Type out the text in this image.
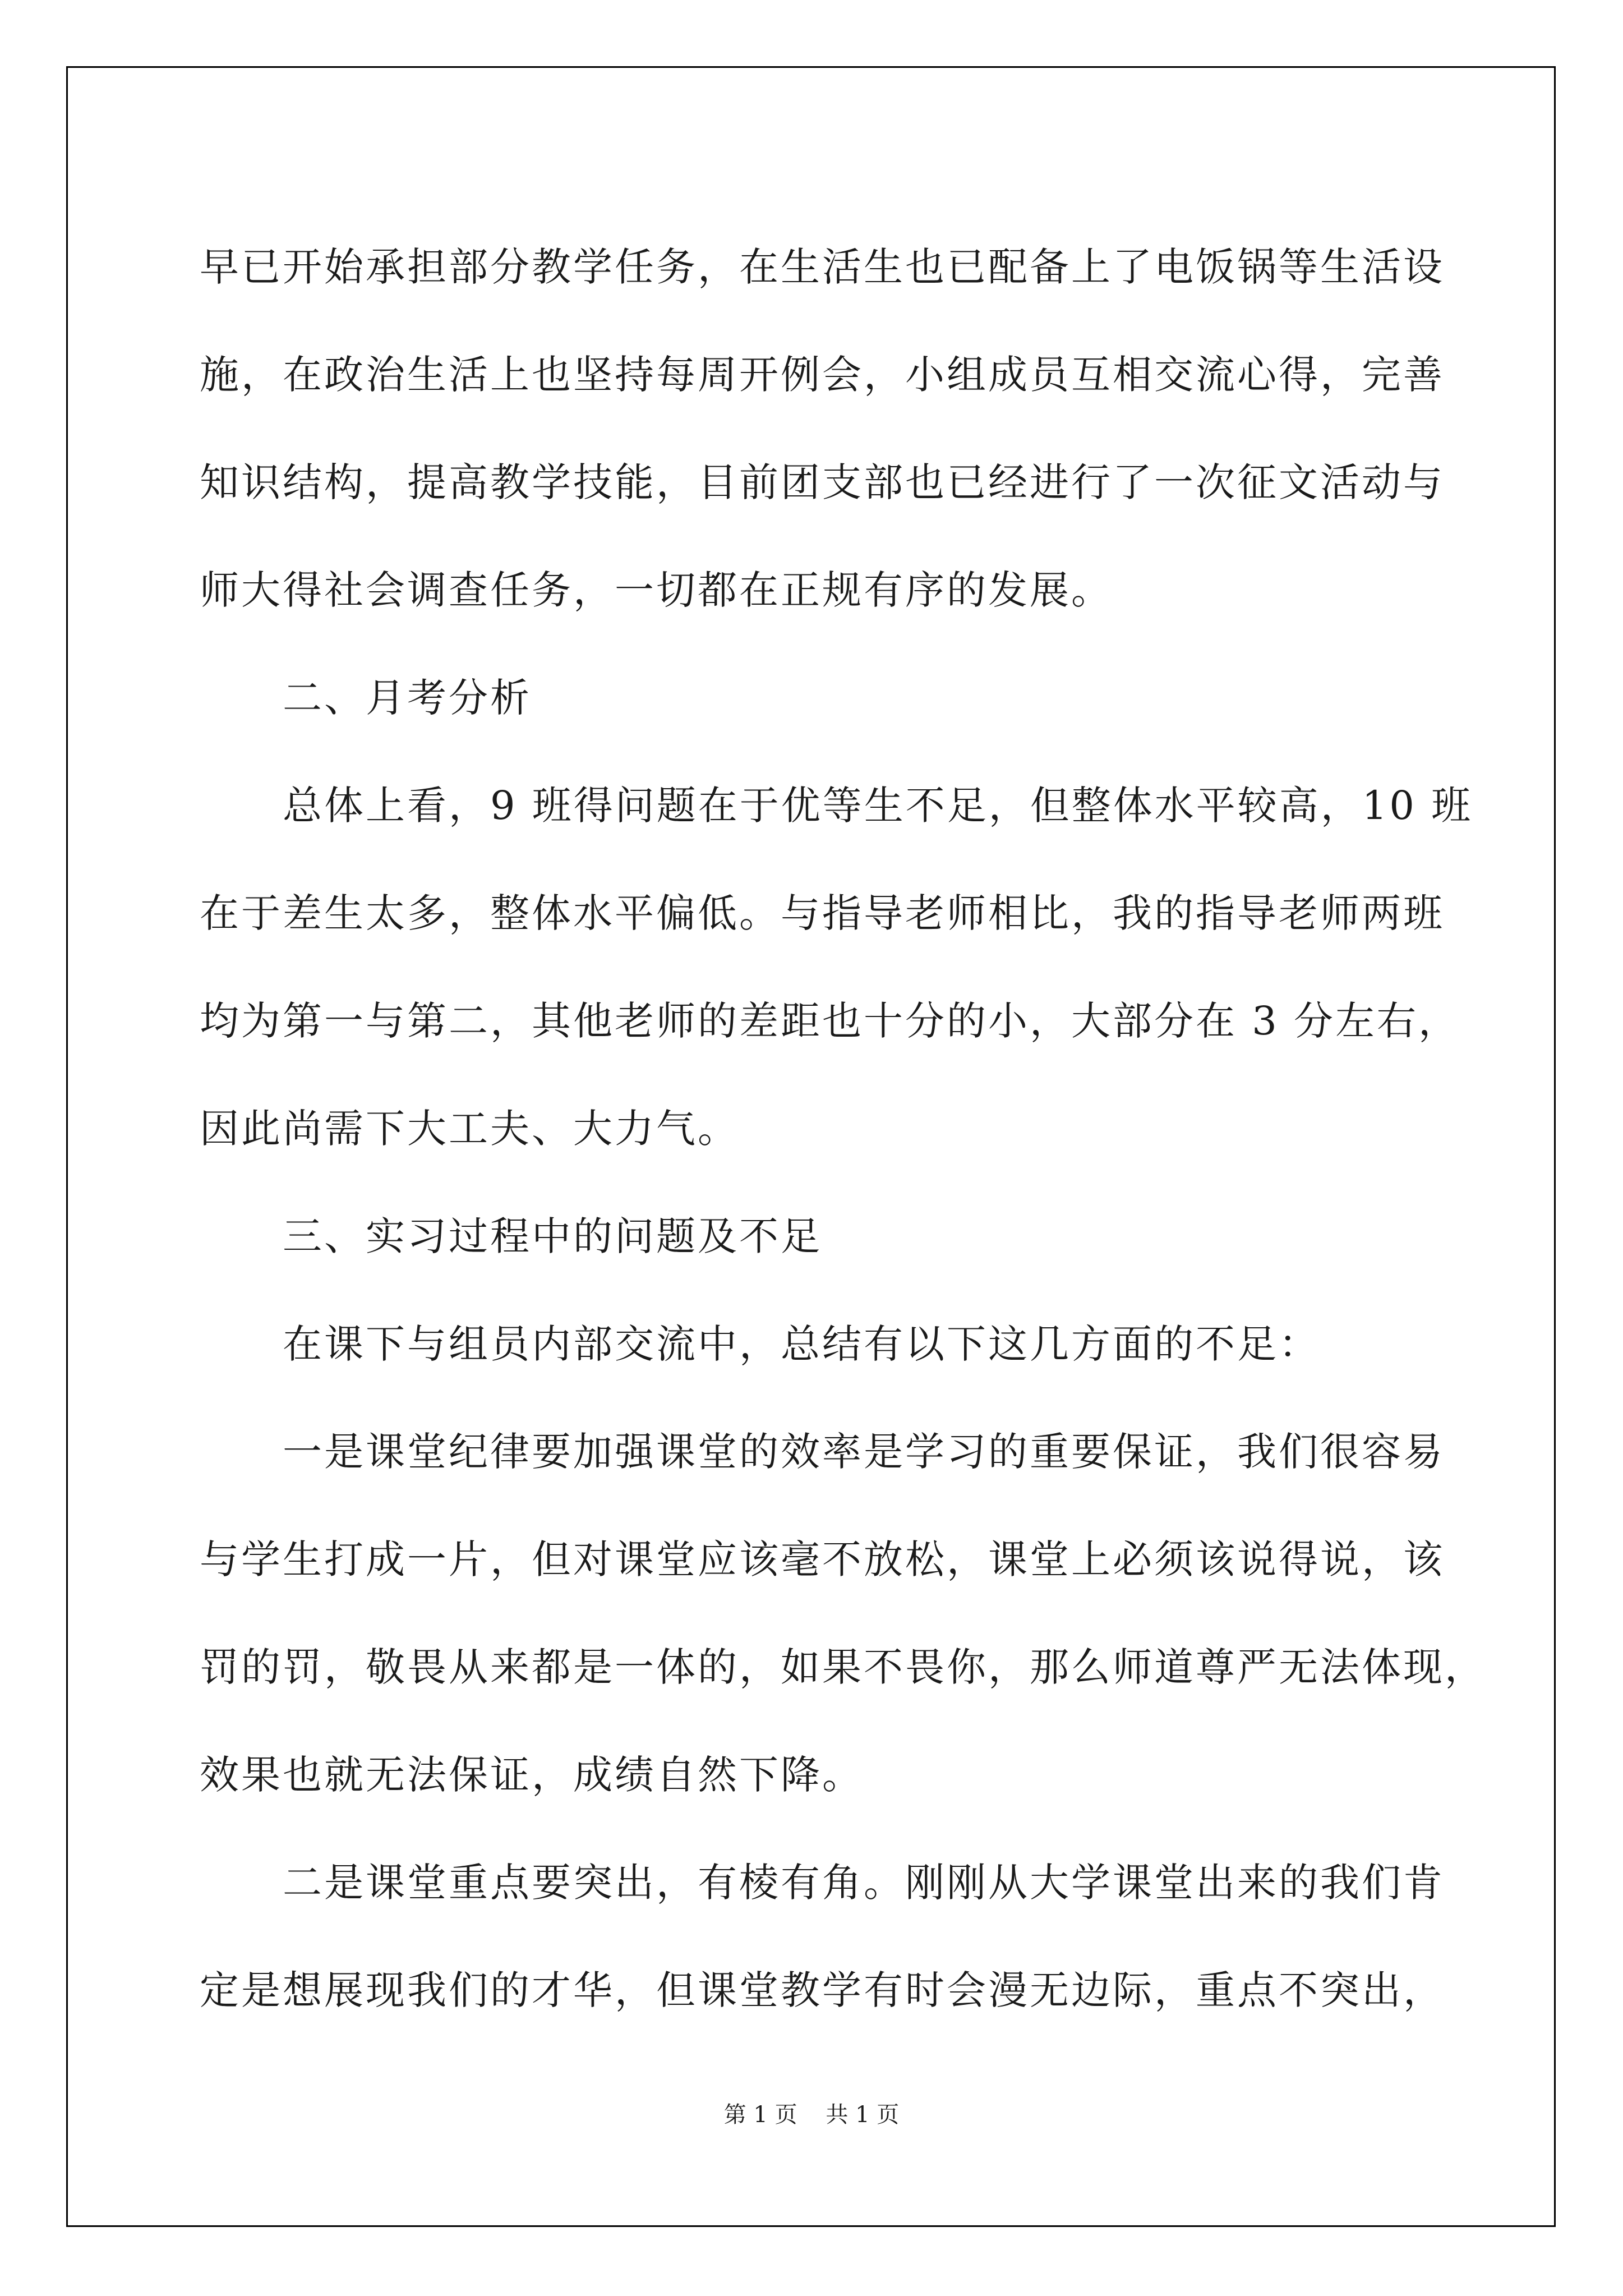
早已开始承担部分教学任务，在生活生也已配备上了电饭锅等生活设
施，在政治生活上也坚持每周开例会，小组成员互相交流心得，完善
知识结构，提高教学技能，目前团支部也已经进行了一次征文活动与
师大得社会调查任务，一切都在正规有序的发展。
二、月考分析
总体上看，9 班得问题在于优等生不足，但整体水平较高，10 班
在于差生太多，整体水平偏低。与指导老师相比，我的指导老师两班
均为第一与第二，其他老师的差距也十分的小，大部分在 3 分左右，
因此尚需下大工夫、大力气。
三、实习过程中的问题及不足
在课下与组员内部交流中，总结有以下这几方面的不足：
一是课堂纪律要加强课堂的效率是学习的重要保证，我们很容易
与学生打成一片，但对课堂应该毫不放松，课堂上必须该说得说，该
罚的罚，敬畏从来都是一体的，如果不畏你，那么师道尊严无法体现，
效果也就无法保证，成绩自然下降。
二是课堂重点要突出，有棱有角。刚刚从大学课堂出来的我们肯
定是想展现我们的才华，但课堂教学有时会漫无边际，重点不突出，
第 1 页    共 1 页
